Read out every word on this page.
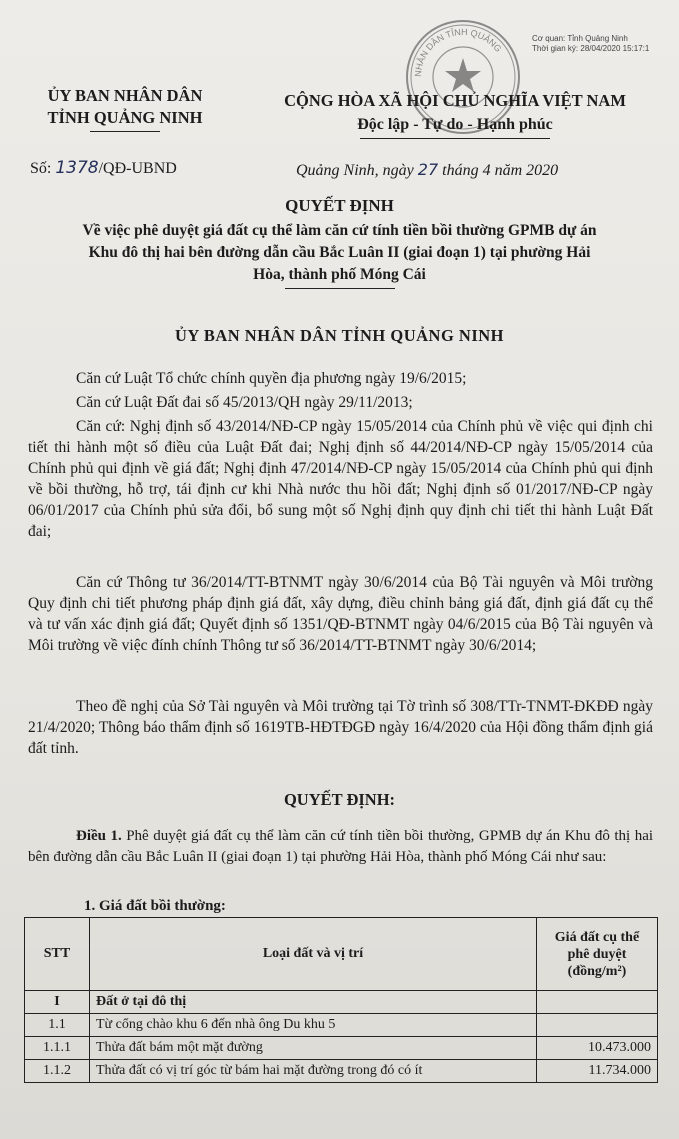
Cơ quan: Tỉnh Quảng Ninh
Thời gian ký: 28/04/2020 15:17:1
NHÂN DÂN TỈNH QUẢNG
ỦY BAN NHÂN DÂN
TỈNH QUẢNG NINH
CỘNG HÒA XÃ HỘI CHỦ NGHĨA VIỆT NAM
Độc lập - Tự do - Hạnh phúc
Số: 1378/QĐ-UBND	Quảng Ninh, ngày 27 tháng 4 năm 2020
QUYẾT ĐỊNH
Về việc phê duyệt giá đất cụ thể làm căn cứ tính tiền bồi thường GPMB dự án
Khu đô thị hai bên đường dẫn cầu Bắc Luân II (giai đoạn 1) tại phường Hải
Hòa, thành phố Móng Cái
ỦY BAN NHÂN DÂN TỈNH QUẢNG NINH
Căn cứ Luật Tổ chức chính quyền địa phương ngày 19/6/2015;
Căn cứ Luật Đất đai số 45/2013/QH ngày 29/11/2013;
Căn cứ: Nghị định số 43/2014/NĐ-CP ngày 15/05/2014 của Chính phủ về việc qui định chi tiết thi hành một số điều của Luật Đất đai; Nghị định số 44/2014/NĐ-CP ngày 15/05/2014 của Chính phủ qui định về giá đất; Nghị định 47/2014/NĐ-CP ngày 15/05/2014 của Chính phủ qui định về bồi thường, hỗ trợ, tái định cư khi Nhà nước thu hồi đất; Nghị định số 01/2017/NĐ-CP ngày 06/01/2017 của Chính phủ sửa đổi, bổ sung một số Nghị định quy định chi tiết thi hành Luật Đất đai;
Căn cứ Thông tư 36/2014/TT-BTNMT ngày 30/6/2014 của Bộ Tài nguyên và Môi trường Quy định chi tiết phương pháp định giá đất, xây dựng, điều chỉnh bảng giá đất, định giá đất cụ thể và tư vấn xác định giá đất; Quyết định số 1351/QĐ-BTNMT ngày 04/6/2015 của Bộ Tài nguyên và Môi trường về việc đính chính Thông tư số 36/2014/TT-BTNMT ngày 30/6/2014;
Theo đề nghị của Sở Tài nguyên và Môi trường tại Tờ trình số 308/TTr-TNMT-ĐKĐĐ ngày 21/4/2020; Thông báo thẩm định số 1619TB-HĐTĐGĐ ngày 16/4/2020 của Hội đồng thẩm định giá đất tỉnh.
QUYẾT ĐỊNH:
Điều 1. Phê duyệt giá đất cụ thể làm căn cứ tính tiền bồi thường, GPMB dự án Khu đô thị hai bên đường dẫn cầu Bắc Luân II (giai đoạn 1) tại phường Hải Hòa, thành phố Móng Cái như sau:
1. Giá đất bồi thường:
STT	Loại đất và vị trí	Giá đất cụ thể phê duyệt (đồng/m²)
I	Đất ở tại đô thị	
1.1	Từ cổng chào khu 6 đến nhà ông Du khu 5	
1.1.1	Thửa đất bám một mặt đường	10.473.000
1.1.2	Thửa đất có vị trí góc từ bám hai mặt đường trong đó có ít	11.734.000
